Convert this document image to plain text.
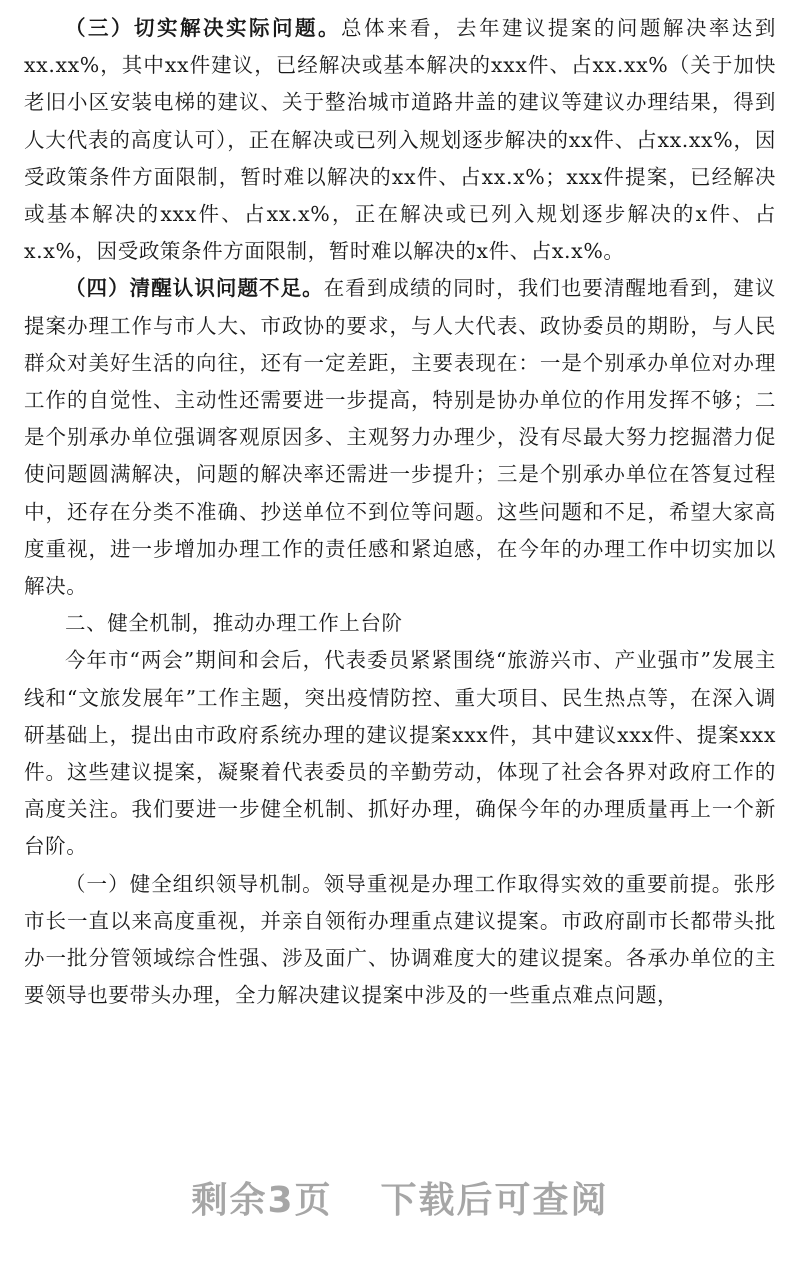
（三）切实解决实际问题。总体来看，去年建议提案的问题解决率达到xx.xx%，其中xx件建议，已经解决或基本解决的xxx件、占xx.xx%（关于加快老旧小区安装电梯的建议、关于整治城市道路井盖的建议等建议办理结果，得到人大代表的高度认可），正在解决或已列入规划逐步解决的xx件、占xx.xx%，因受政策条件方面限制，暂时难以解决的xx件、占xx.x%；xxx件提案，已经解决或基本解决的xxx件、占xx.x%，正在解决或已列入规划逐步解决的x件、占x.x%，因受政策条件方面限制，暂时难以解决的x件、占x.x%。

（四）清醒认识问题不足。在看到成绩的同时，我们也要清醒地看到，建议提案办理工作与市人大、市政协的要求，与人大代表、政协委员的期盼，与人民群众对美好生活的向往，还有一定差距，主要表现在：一是个别承办单位对办理工作的自觉性、主动性还需要进一步提高，特别是协办单位的作用发挥不够；二是个别承办单位强调客观原因多、主观努力办理少，没有尽最大努力挖掘潜力促使问题圆满解决，问题的解决率还需进一步提升；三是个别承办单位在答复过程中，还存在分类不准确、抄送单位不到位等问题。这些问题和不足，希望大家高度重视，进一步增加办理工作的责任感和紧迫感，在今年的办理工作中切实加以解决。

二、健全机制，推动办理工作上台阶

今年市“两会”期间和会后，代表委员紧紧围绕“旅游兴市、产业强市”发展主线和“文旅发展年”工作主题，突出疫情防控、重大项目、民生热点等，在深入调研基础上，提出由市政府系统办理的建议提案xxx件，其中建议xxx件、提案xxx件。这些建议提案，凝聚着代表委员的辛勤劳动，体现了社会各界对政府工作的高度关注。我们要进一步健全机制、抓好办理，确保今年的办理质量再上一个新台阶。

（一）健全组织领导机制。领导重视是办理工作取得实效的重要前提。张彤市长一直以来高度重视，并亲自领衔办理重点建议提案。市政府副市长都带头批办一批分管领域综合性强、涉及面广、协调难度大的建议提案。各承办单位的主要领导也要带头办理，全力解决建议提案中涉及的一些重点难点问题，

剩余3页 下载后可查阅
